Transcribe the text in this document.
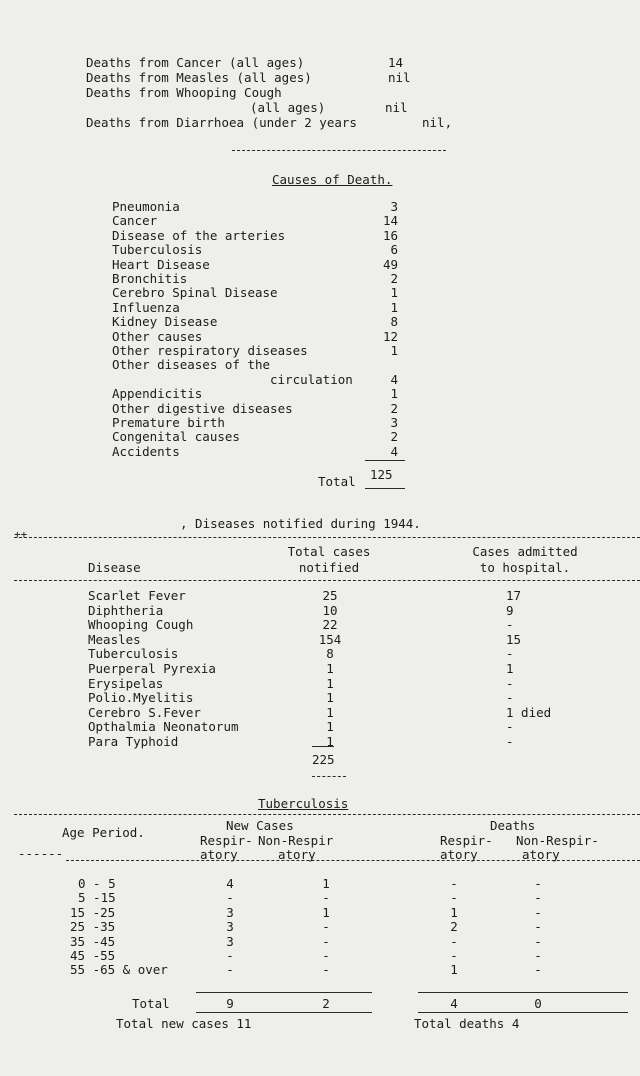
Deaths from Cancer (all ages)	14
Deaths from Measles (all ages)	nil
Deaths from Whooping Cough
(all ages)	nil
Deaths from Diarrhoea (under 2 years	nil,
Causes of Death.
Pneumonia	3
Cancer	14
Disease of the arteries	16
Tuberculosis	6
Heart Disease	49
Bronchitis	2
Cerebro Spinal Disease	1
Influenza	1
Kidney Disease	8
Other causes	12
Other respiratory diseases	1
Other diseases of the
circulation	4
Appendicitis	1
Other digestive diseases	2
Premature birth	3
Congenital causes	2
Accidents	4
Total 125
++
, Diseases notified during 1944.
Disease
Total cases
notified
Cases admitted
to hospital.
Scarlet Fever	25	17
Diphtheria	10	9
Whooping Cough	22	-
Measles	154	15
Tuberculosis	8	-
Puerperal Pyrexia	1	1
Erysipelas	1	-
Polio.Myelitis	1	-
Cerebro S.Fever	1	1 died
Opthalmia Neonatorum	1	-
Para Typhoid	1	-
225
Tuberculosis
Age Period.
------
New Cases	Deaths
Respir-
atory
Non-Respir
atory
Respir-
atory
Non-Respir-
atory
0 - 5	4	1	-	-
5 -15	-	-	-	-
15 -25	3	1	1	-
25 -35	3	-	2	-
35 -45	3	-	-	-
45 -55	-	-	-	-
55 -65 & over	-	-	1	-
Total	9	2	4	0
Total new cases 11	Total deaths 4
